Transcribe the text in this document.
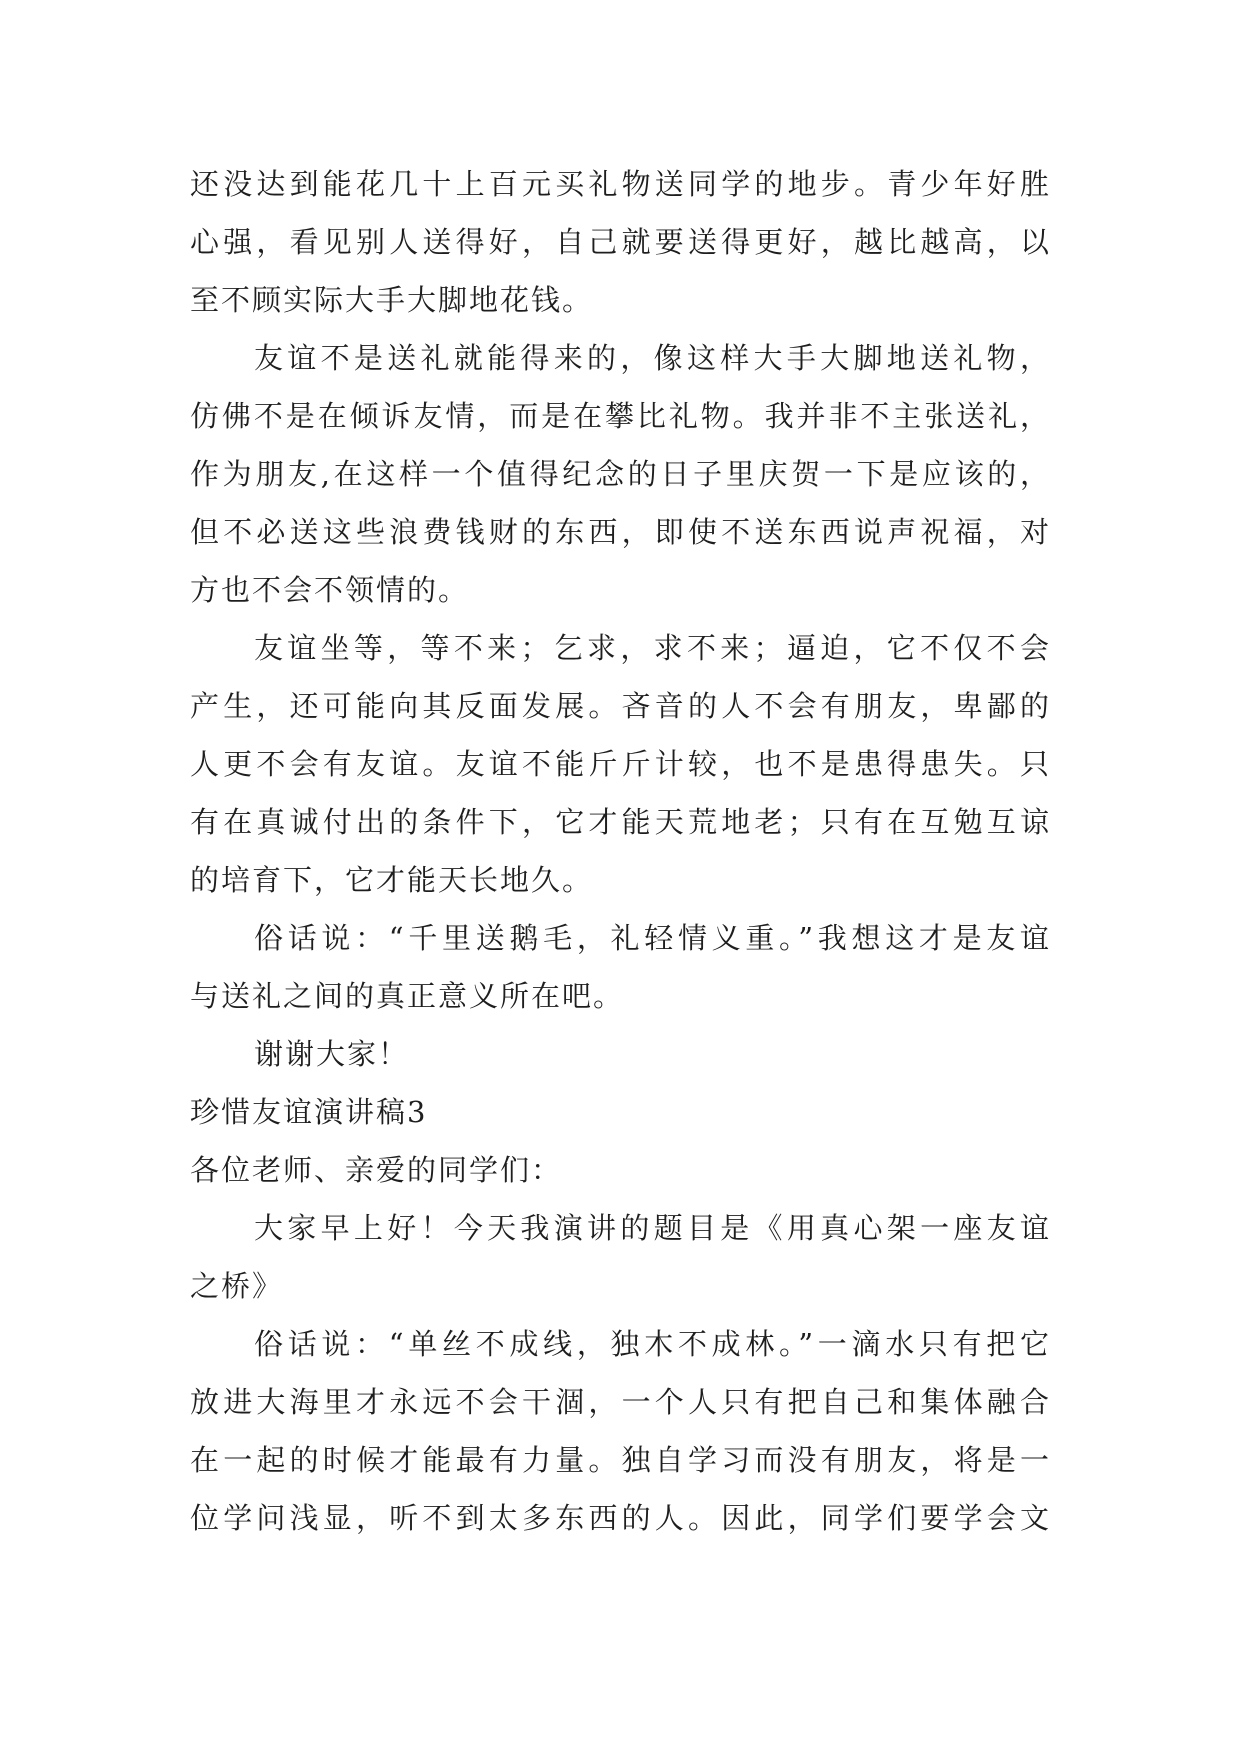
还没达到能花几十上百元买礼物送同学的地步。青少年好胜
心强，看见别人送得好，自己就要送得更好，越比越高，以
至不顾实际大手大脚地花钱。
友谊不是送礼就能得来的，像这样大手大脚地送礼物，
仿佛不是在倾诉友情，而是在攀比礼物。我并非不主张送礼，
作为朋友,在这样一个值得纪念的日子里庆贺一下是应该的，
但不必送这些浪费钱财的东西，即使不送东西说声祝福，对
方也不会不领情的。
友谊坐等，等不来；乞求，求不来；逼迫，它不仅不会
产生，还可能向其反面发展。吝音的人不会有朋友，卑鄙的
人更不会有友谊。友谊不能斤斤计较，也不是患得患失。只
有在真诚付出的条件下，它才能天荒地老；只有在互勉互谅
的培育下，它才能天长地久。
俗话说：“千里送鹅毛，礼轻情义重。”我想这才是友谊
与送礼之间的真正意义所在吧。
谢谢大家！
珍惜友谊演讲稿3
各位老师、亲爱的同学们：
大家早上好！今天我演讲的题目是《用真心架一座友谊
之桥》
俗话说：“单丝不成线，独木不成林。”一滴水只有把它
放进大海里才永远不会干涸，一个人只有把自己和集体融合
在一起的时候才能最有力量。独自学习而没有朋友，将是一
位学问浅显，听不到太多东西的人。因此，同学们要学会文
